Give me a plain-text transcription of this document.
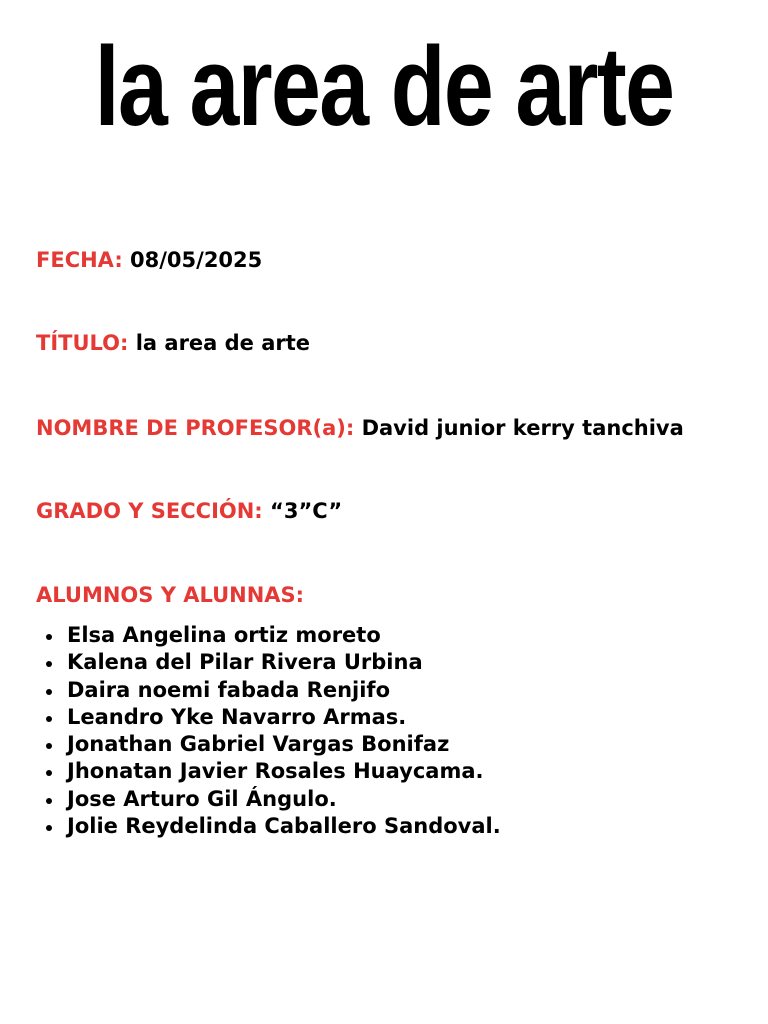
la area de arte

FECHA: 08/05/2025

TÍTULO: la area de arte

NOMBRE DE PROFESOR(a): David junior kerry tanchiva

GRADO Y SECCIÓN: “3”C”

ALUMNOS Y ALUNNAS:

Elsa Angelina ortiz moreto
Kalena del Pilar Rivera Urbina
Daira noemi fabada Renjifo
Leandro Yke Navarro Armas.
Jonathan Gabriel Vargas Bonifaz
Jhonatan Javier Rosales Huaycama.
Jose Arturo Gil Ángulo.
Jolie Reydelinda Caballero Sandoval.
